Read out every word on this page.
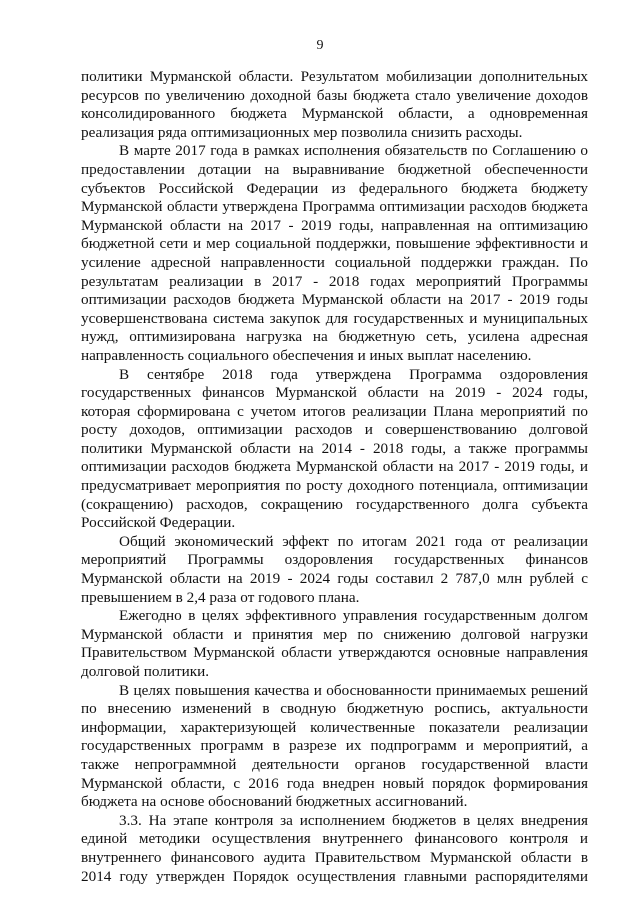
9
политики Мурманской области. Результатом мобилизации дополнительных
ресурсов по увеличению доходной базы бюджета стало увеличение доходов
консолидированного бюджета Мурманской области, а одновременная
реализация ряда оптимизационных мер позволила снизить расходы.
В марте 2017 года в рамках исполнения обязательств по Соглашению о
предоставлении дотации на выравнивание бюджетной обеспеченности
субъектов Российской Федерации из федерального бюджета бюджету
Мурманской области утверждена Программа оптимизации расходов бюджета
Мурманской области на 2017 - 2019 годы, направленная на оптимизацию
бюджетной сети и мер социальной поддержки, повышение эффективности и
усиление адресной направленности социальной поддержки граждан. По
результатам реализации в 2017 - 2018 годах мероприятий Программы
оптимизации расходов бюджета Мурманской области на 2017 - 2019 годы
усовершенствована система закупок для государственных и муниципальных
нужд, оптимизирована нагрузка на бюджетную сеть, усилена адресная
направленность социального обеспечения и иных выплат населению.
В сентябре 2018 года утверждена Программа оздоровления
государственных финансов Мурманской области на 2019 - 2024 годы,
которая сформирована с учетом итогов реализации Плана мероприятий по
росту доходов, оптимизации расходов и совершенствованию долговой
политики Мурманской области на 2014 - 2018 годы, а также программы
оптимизации расходов бюджета Мурманской области на 2017 - 2019 годы, и
предусматривает мероприятия по росту доходного потенциала, оптимизации
(сокращению) расходов, сокращению государственного долга субъекта
Российской Федерации.
Общий экономический эффект по итогам 2021 года от реализации
мероприятий Программы оздоровления государственных финансов
Мурманской области на 2019 - 2024 годы составил 2 787,0 млн рублей с
превышением в 2,4 раза от годового плана.
Ежегодно в целях эффективного управления государственным долгом
Мурманской области и принятия мер по снижению долговой нагрузки
Правительством Мурманской области утверждаются основные направления
долговой политики.
В целях повышения качества и обоснованности принимаемых решений
по внесению изменений в сводную бюджетную роспись, актуальности
информации, характеризующей количественные показатели реализации
государственных программ в разрезе их подпрограмм и мероприятий, а
также непрограммной деятельности органов государственной власти
Мурманской области, с 2016 года внедрен новый порядок формирования
бюджета на основе обоснований бюджетных ассигнований.
3.3. На этапе контроля за исполнением бюджетов в целях внедрения
единой методики осуществления внутреннего финансового контроля и
внутреннего финансового аудита Правительством Мурманской области в
2014 году утвержден Порядок осуществления главными распорядителями
